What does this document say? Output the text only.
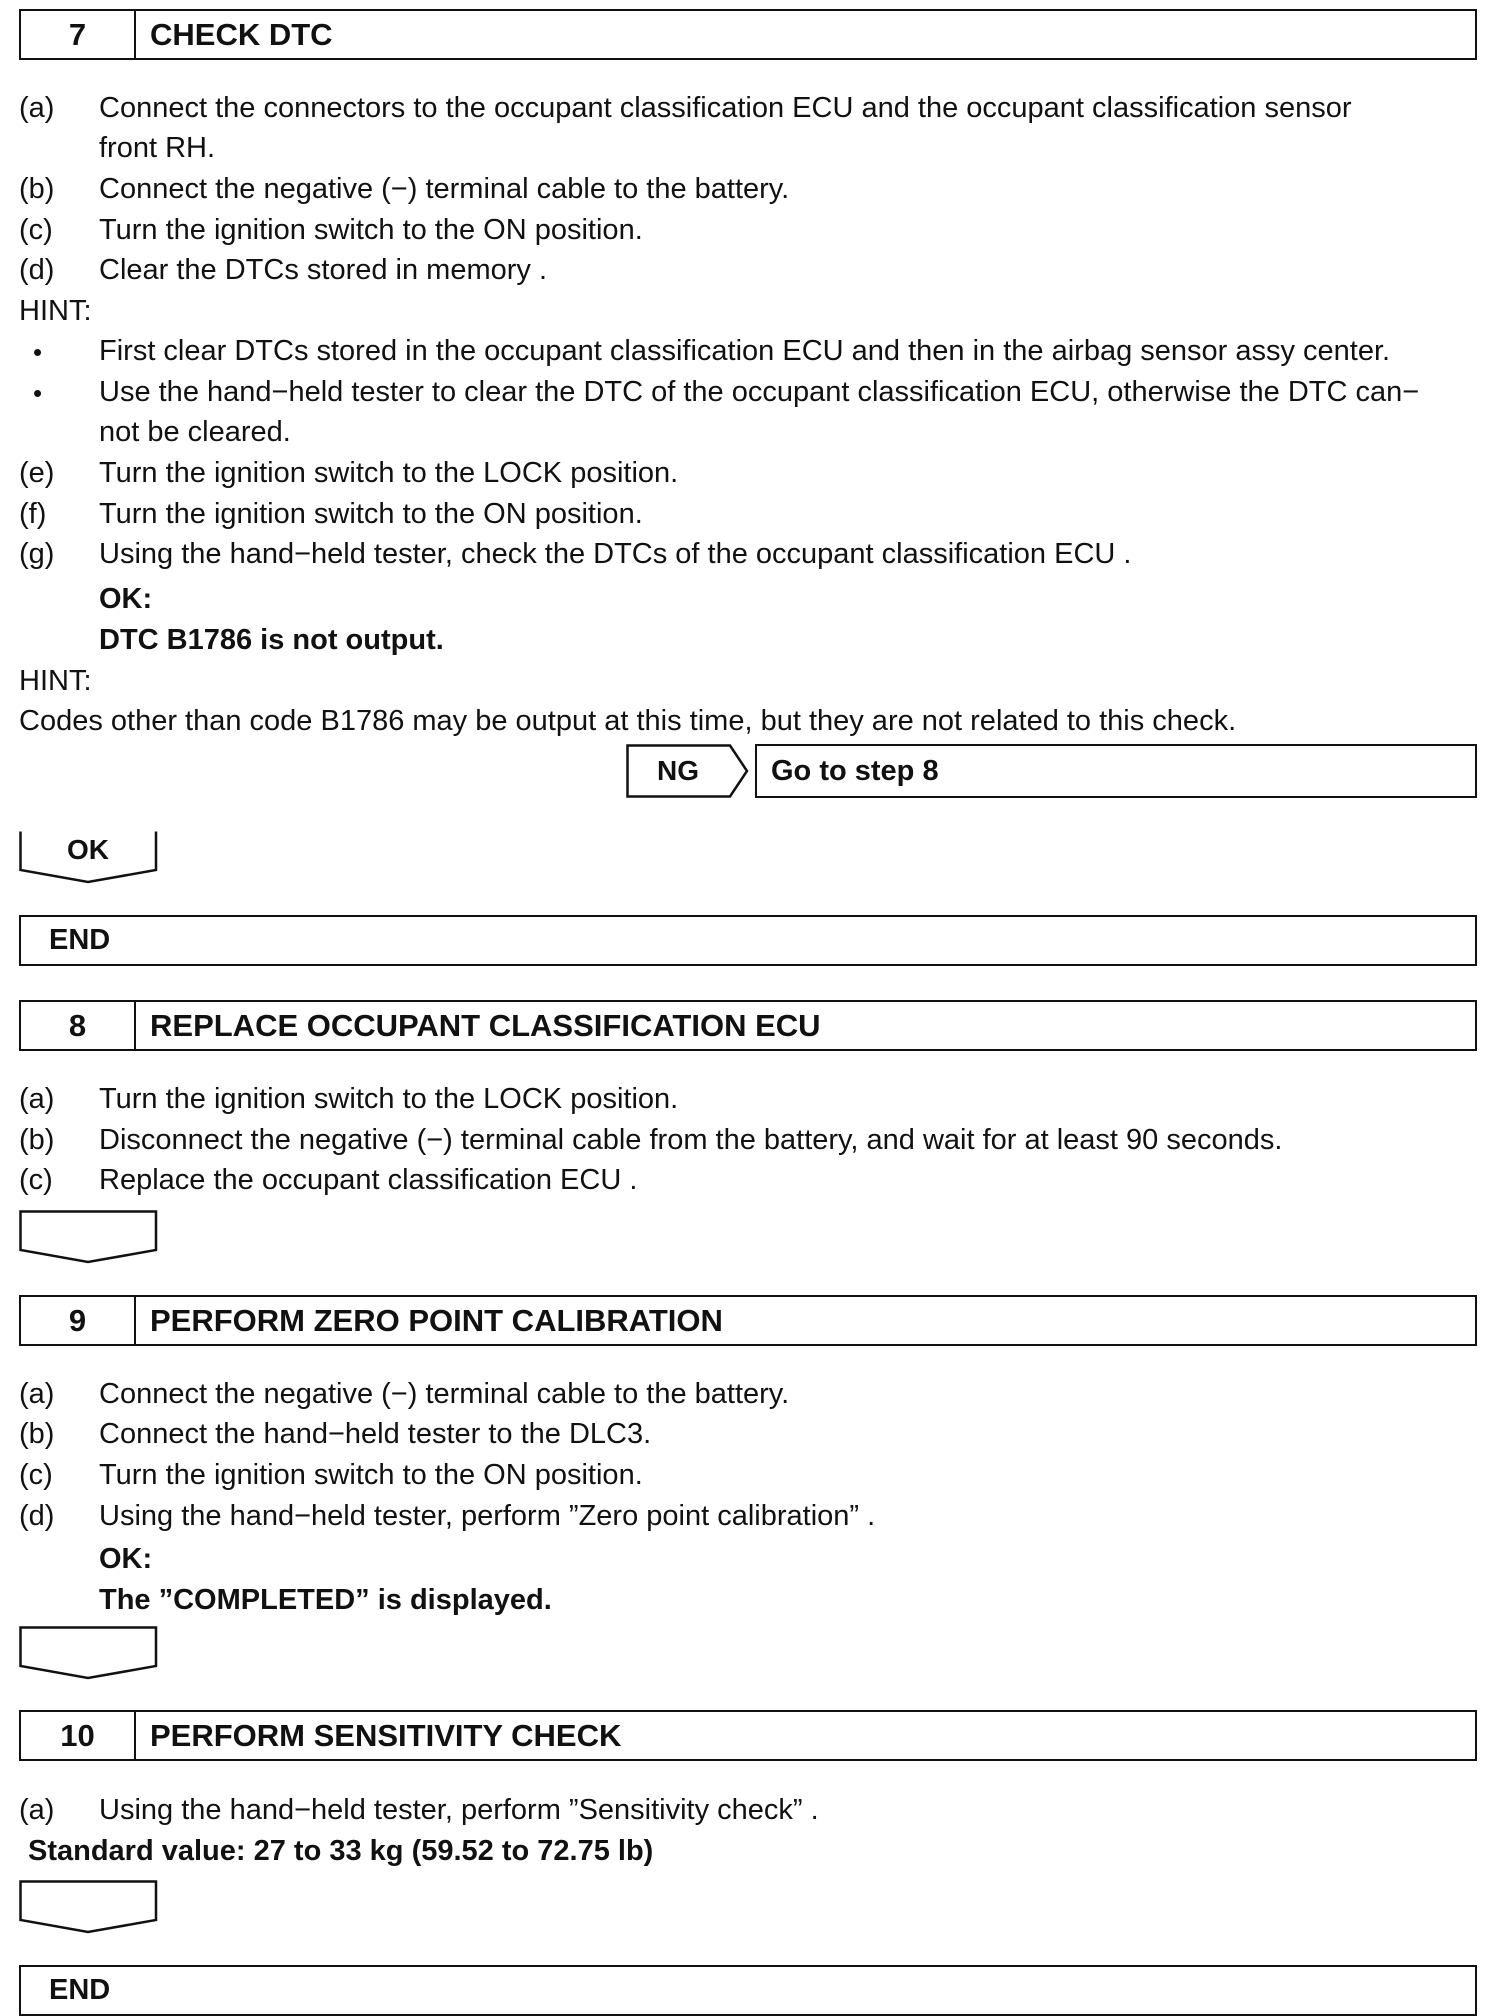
7	CHECK DTC
(a) Connect the connectors to the occupant classification ECU and the occupant classification sensor
front RH.
(b) Connect the negative (−) terminal cable to the battery.
(c) Turn the ignition switch to the ON position.
(d) Clear the DTCs stored in memory .
HINT:
• First clear DTCs stored in the occupant classification ECU and then in the airbag sensor assy center.
• Use the hand−held tester to clear the DTC of the occupant classification ECU, otherwise the DTC can−
not be cleared.
(e) Turn the ignition switch to the LOCK position.
(f) Turn the ignition switch to the ON position.
(g) Using the hand−held tester, check the DTCs of the occupant classification ECU .
OK:
DTC B1786 is not output.
HINT:
Codes other than code B1786 may be output at this time, but they are not related to this check.
NG	Go to step 8
OK
END
8	REPLACE OCCUPANT CLASSIFICATION ECU
(a) Turn the ignition switch to the LOCK position.
(b) Disconnect the negative (−) terminal cable from the battery, and wait for at least 90 seconds.
(c) Replace the occupant classification ECU .
9	PERFORM ZERO POINT CALIBRATION
(a) Connect the negative (−) terminal cable to the battery.
(b) Connect the hand−held tester to the DLC3.
(c) Turn the ignition switch to the ON position.
(d) Using the hand−held tester, perform ”Zero point calibration” .
OK:
The ”COMPLETED” is displayed.
10	PERFORM SENSITIVITY CHECK
(a) Using the hand−held tester, perform ”Sensitivity check” .
Standard value: 27 to 33 kg (59.52 to 72.75 lb)
END
